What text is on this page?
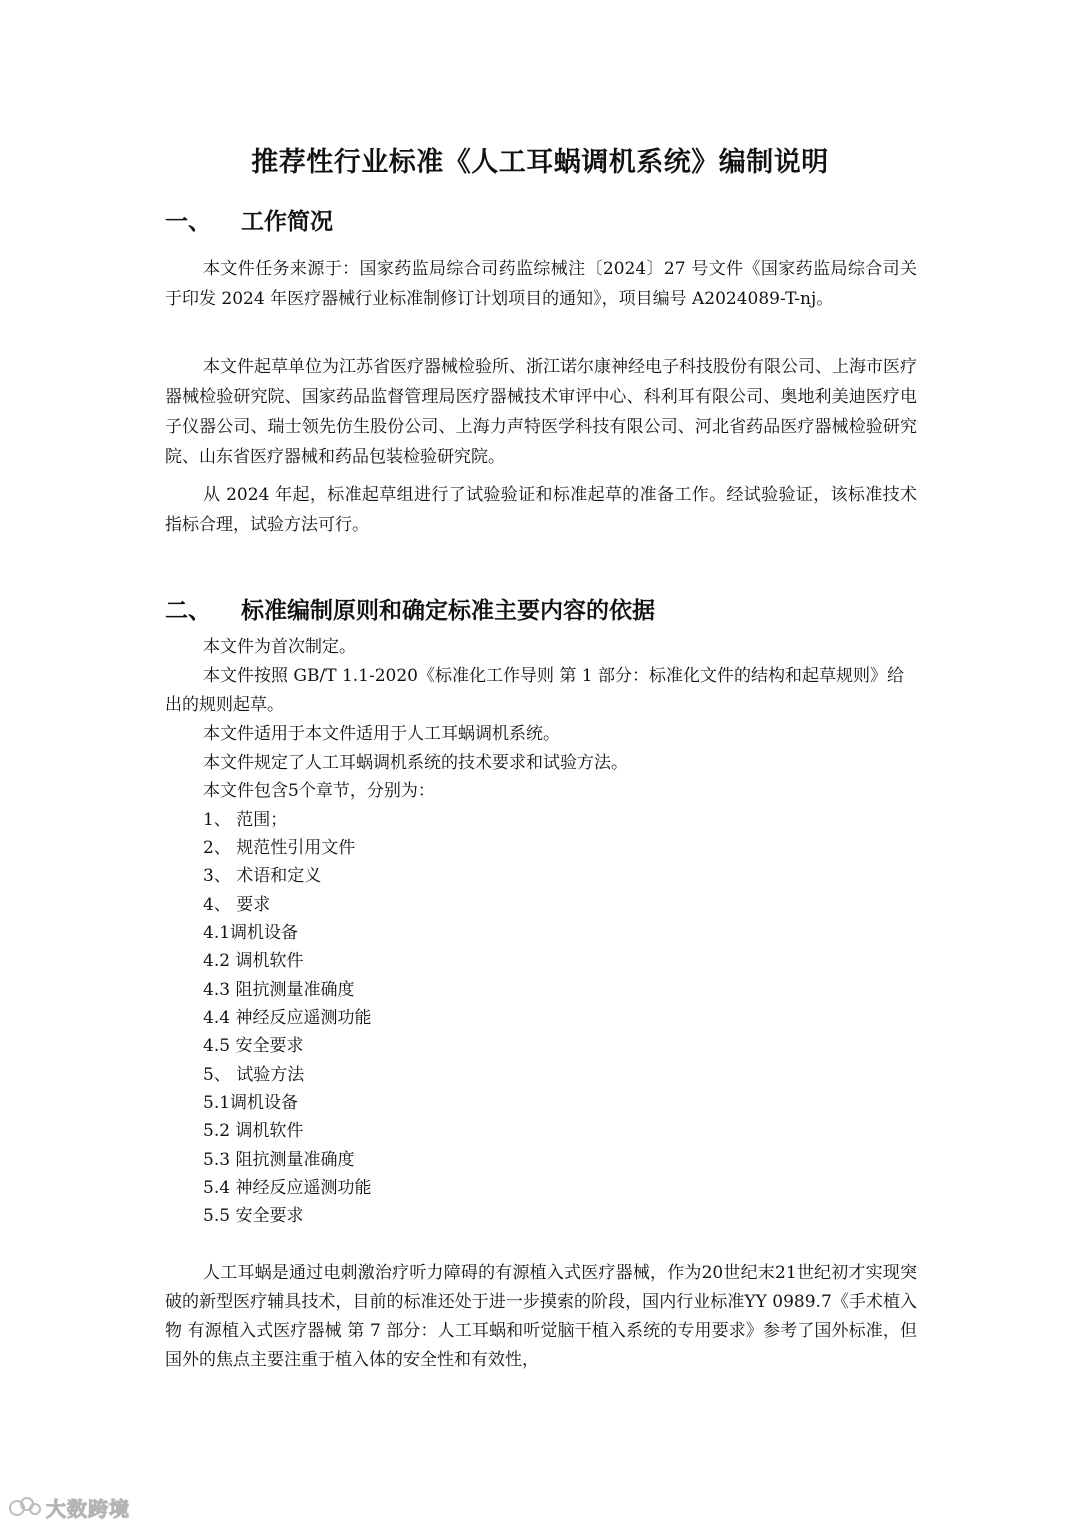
推荐性行业标准《人工耳蜗调机系统》编制说明
一、 工作简况

本文件任务来源于：国家药监局综合司药监综械注〔2024〕27 号文件《国家药监局综合司关于印发 2024 年医疗器械行业标准制修订计划项目的通知》，项目编号 A2024089-T-nj。

本文件起草单位为江苏省医疗器械检验所、浙江诺尔康神经电子科技股份有限公司、上海市医疗器械检验研究院、国家药品监督管理局医疗器械技术审评中心、科利耳有限公司、奥地利美迪医疗电子仪器公司、瑞士领先仿生股份公司、上海力声特医学科技有限公司、河北省药品医疗器械检验研究院、山东省医疗器械和药品包装检验研究院。

从 2024 年起，标准起草组进行了试验验证和标准起草的准备工作。经试验验证，该标准技术指标合理，试验方法可行。

二、 标准编制原则和确定标准主要内容的依据
本文件为首次制定。
本文件按照 GB/T 1.1-2020《标准化工作导则 第 1 部分：标准化文件的结构和起草规则》给出的规则起草。
本文件适用于本文件适用于人工耳蜗调机系统。
本文件规定了人工耳蜗调机系统的技术要求和试验方法。
本文件包含5个章节，分别为：
1、 范围；
2、 规范性引用文件
3、 术语和定义
4、 要求
4.1调机设备
4.2 调机软件
4.3 阻抗测量准确度
4.4 神经反应遥测功能
4.5 安全要求
5、 试验方法
5.1调机设备
5.2 调机软件
5.3 阻抗测量准确度
5.4 神经反应遥测功能
5.5 安全要求

人工耳蜗是通过电刺激治疗听力障碍的有源植入式医疗器械，作为20世纪末21世纪初才实现突破的新型医疗辅具技术，目前的标准还处于进一步摸索的阶段，国内行业标准YY 0989.7《手术植入物 有源植入式医疗器械 第 7 部分：人工耳蜗和听觉脑干植入系统的专用要求》参考了国外标准，但国外的焦点主要注重于植入体的安全性和有效性，

大数跨境
